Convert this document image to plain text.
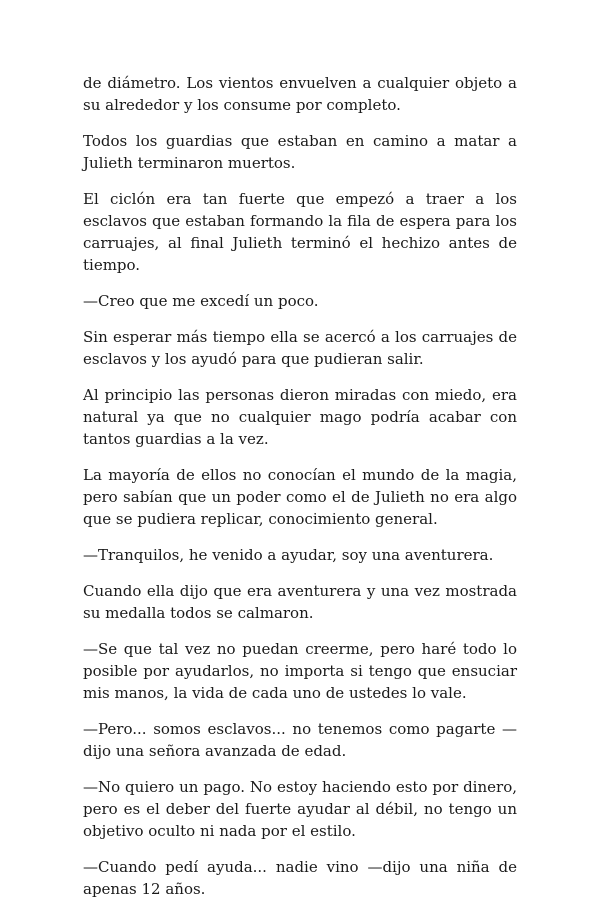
de diámetro. Los vientos envuelven a cualquier objeto a su alrededor y los consume por completo.

Todos los guardias que estaban en camino a matar a Julieth terminaron muertos.

El ciclón era tan fuerte que empezó a traer a los esclavos que estaban formando la fila de espera para los carruajes, al final Julieth terminó el hechizo antes de tiempo.

—Creo que me excedí un poco.

Sin esperar más tiempo ella se acercó a los carruajes de esclavos y los ayudó para que pudieran salir.

Al principio las personas dieron miradas con miedo, era natural ya que no cualquier mago podría acabar con tantos guardias a la vez.

La mayoría de ellos no conocían el mundo de la magia, pero sabían que un poder como el de Julieth no era algo que se pudiera replicar, conocimiento general.

—Tranquilos, he venido a ayudar, soy una aventurera.

Cuando ella dijo que era aventurera y una vez mostrada su medalla todos se calmaron.

—Se que tal vez no puedan creerme, pero haré todo lo posible por ayudarlos, no importa si tengo que ensuciar mis manos, la vida de cada uno de ustedes lo vale.

—Pero... somos esclavos... no tenemos como pagarte —dijo una señora avanzada de edad.

—No quiero un pago. No estoy haciendo esto por dinero, pero es el deber del fuerte ayudar al débil, no tengo un objetivo oculto ni nada por el estilo.

—Cuando pedí ayuda... nadie vino —dijo una niña de apenas 12 años.
